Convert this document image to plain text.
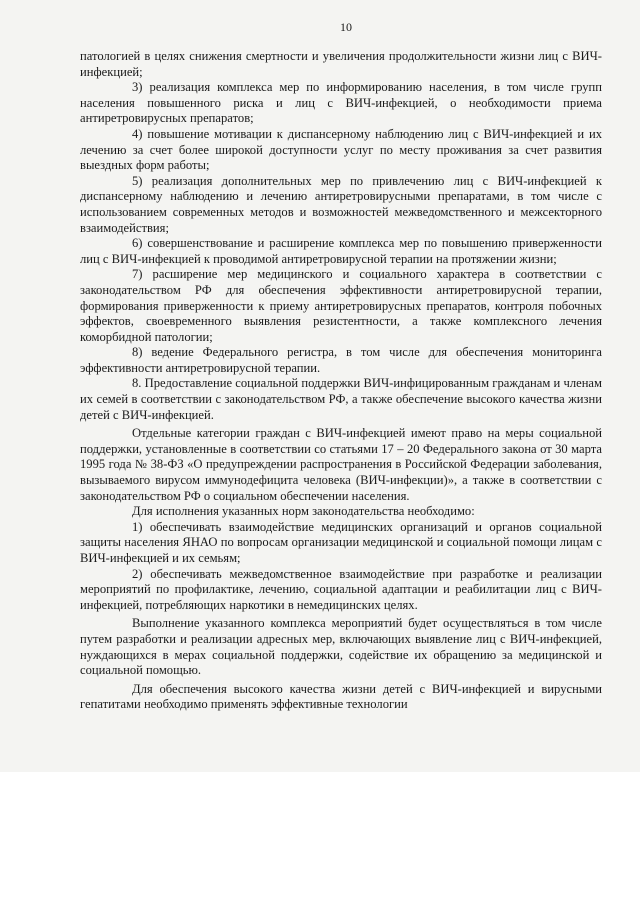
10

патологией в целях снижения смертности и увеличения продолжительности жизни лиц с ВИЧ-инфекцией;

3) реализация комплекса мер по информированию населения, в том числе групп населения повышенного риска и лиц с ВИЧ-инфекцией, о необходимости приема антиретровирусных препаратов;

4) повышение мотивации к диспансерному наблюдению лиц с ВИЧ-инфекцией и их лечению за счет более широкой доступности услуг по месту проживания за счет развития выездных форм работы;

5) реализация дополнительных мер по привлечению лиц с ВИЧ-инфекцией к диспансерному наблюдению и лечению антиретровирусными препаратами, в том числе с использованием современных методов и возможностей межведомственного и межсекторного взаимодействия;

6) совершенствование и расширение комплекса мер по повышению приверженности лиц с ВИЧ-инфекцией к проводимой антиретровирусной терапии на протяжении жизни;

7) расширение мер медицинского и социального характера в соответствии с законодательством РФ для обеспечения эффективности антиретровирусной терапии, формирования приверженности к приему антиретровирусных препаратов, контроля побочных эффектов, своевременного выявления резистентности, а также комплексного лечения коморбидной патологии;

8) ведение Федерального регистра, в том числе для обеспечения мониторинга эффективности антиретровирусной терапии.

8. Предоставление социальной поддержки ВИЧ-инфицированным гражданам и членам их семей в соответствии с законодательством РФ, а также обеспечение высокого качества жизни детей с ВИЧ-инфекцией.

Отдельные категории граждан с ВИЧ-инфекцией имеют право на меры социальной поддержки, установленные в соответствии со статьями 17 – 20 Федерального закона от 30 марта 1995 года № 38-ФЗ «О предупреждении распространения в Российской Федерации заболевания, вызываемого вирусом иммунодефицита человека (ВИЧ-инфекции)», а также в соответствии с законодательством РФ о социальном обеспечении населения.

Для исполнения указанных норм законодательства необходимо:

1) обеспечивать взаимодействие медицинских организаций и органов социальной защиты населения ЯНАО по вопросам организации медицинской и социальной помощи лицам с ВИЧ-инфекцией и их семьям;

2) обеспечивать межведомственное взаимодействие при разработке и реализации мероприятий по профилактике, лечению, социальной адаптации и реабилитации лиц с ВИЧ-инфекцией, потребляющих наркотики в немедицинских целях.

Выполнение указанного комплекса мероприятий будет осуществляться в том числе путем разработки и реализации адресных мер, включающих выявление лиц с ВИЧ-инфекцией, нуждающихся в мерах социальной поддержки, содействие их обращению за медицинской и социальной помощью.

Для обеспечения высокого качества жизни детей с ВИЧ-инфекцией и вирусными гепатитами необходимо применять эффективные технологии
